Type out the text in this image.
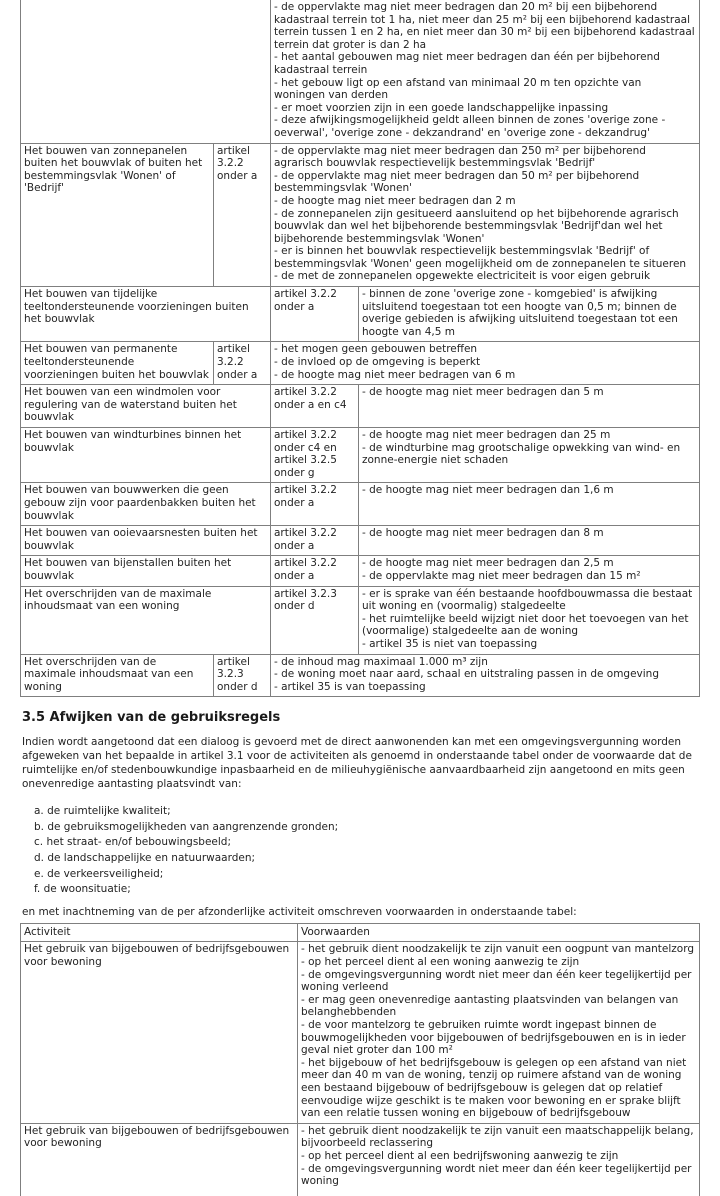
- de oppervlakte mag niet meer bedragen dan 20 m² bij een bijbehorend kadastraal terrein tot 1 ha, niet meer dan 25 m² bij een bijbehorend kadastraal terrein tussen 1 en 2 ha, en niet meer dan 30 m² bij een bijbehorend kadastraal terrein dat groter is dan 2 ha
- het aantal gebouwen mag niet meer bedragen dan één per bijbehorend kadastraal terrein
- het gebouw ligt op een afstand van minimaal 20 m ten opzichte van woningen van derden
- er moet voorzien zijn in een goede landschappelijke inpassing
- deze afwijkingsmogelijkheid geldt alleen binnen de zones 'overige zone - oeverwal', 'overige zone - dekzandrand' en 'overige zone - dekzandrug'
Het bouwen van zonnepanelen buiten het bouwvlak of buiten het bestemmingsvlak 'Wonen' of 'Bedrijf'
artikel 3.2.2 onder a
- de oppervlakte mag niet meer bedragen dan 250 m² per bijbehorend agrarisch bouwvlak respectievelijk bestemmingsvlak 'Bedrijf'
- de oppervlakte mag niet meer bedragen dan 50 m² per bijbehorend bestemmingsvlak 'Wonen'
- de hoogte mag niet meer bedragen dan 2 m
- de zonnepanelen zijn gesitueerd aansluitend op het bijbehorende agrarisch bouwvlak dan wel het bijbehorende bestemmingsvlak 'Bedrijf'dan wel het bijbehorende bestemmingsvlak 'Wonen'
- er is binnen het bouwvlak respectievelijk bestemmingsvlak 'Bedrijf' of bestemmingsvlak 'Wonen' geen mogelijkheid om de zonnepanelen te situeren
- de met de zonnepanelen opgewekte electriciteit is voor eigen gebruik
Het bouwen van tijdelijke teeltondersteunende voorzieningen buiten het bouwvlak
artikel 3.2.2 onder a
- binnen de zone 'overige zone - komgebied' is afwijking uitsluitend toegestaan tot een hoogte van 0,5 m; binnen de overige gebieden is afwijking uitsluitend toegestaan tot een hoogte van 4,5 m
Het bouwen van permanente teeltondersteunende voorzieningen buiten het bouwvlak
artikel 3.2.2 onder a
- het mogen geen gebouwen betreffen
- de invloed op de omgeving is beperkt
- de hoogte mag niet meer bedragen van 6 m
Het bouwen van een windmolen voor regulering van de waterstand buiten het bouwvlak
artikel 3.2.2 onder a en c4
- de hoogte mag niet meer bedragen dan 5 m
Het bouwen van windturbines binnen het bouwvlak
artikel 3.2.2 onder c4 en artikel 3.2.5 onder g
- de hoogte mag niet meer bedragen dan 25 m
- de windturbine mag grootschalige opwekking van wind- en zonne-energie niet schaden
Het bouwen van bouwwerken die geen gebouw zijn voor paardenbakken buiten het bouwvlak
artikel 3.2.2 onder a
- de hoogte mag niet meer bedragen dan 1,6 m
Het bouwen van ooievaarsnesten buiten het bouwvlak
artikel 3.2.2 onder a
- de hoogte mag niet meer bedragen dan 8 m
Het bouwen van bijenstallen buiten het bouwvlak
artikel 3.2.2 onder a
- de hoogte mag niet meer bedragen dan 2,5 m
- de oppervlakte mag niet meer bedragen dan 15 m²
Het overschrijden van de maximale inhoudsmaat van een woning
artikel 3.2.3 onder d
- er is sprake van één bestaande hoofdbouwmassa die bestaat uit woning en (voormalig) stalgedeelte
- het ruimtelijke beeld wijzigt niet door het toevoegen van het (voormalige) stalgedeelte aan de woning
- artikel 35 is niet van toepassing
Het overschrijden van de maximale inhoudsmaat van een woning
artikel 3.2.3 onder d
- de inhoud mag maximaal 1.000 m³ zijn
- de woning moet naar aard, schaal en uitstraling passen in de omgeving
- artikel 35 is van toepassing
3.5 Afwijken van de gebruiksregels
Indien wordt aangetoond dat een dialoog is gevoerd met de direct aanwonenden kan met een omgevingsvergunning worden afgeweken van het bepaalde in artikel 3.1 voor de activiteiten als genoemd in onderstaande tabel onder de voorwaarde dat de ruimtelijke en/of stedenbouwkundige inpasbaarheid en de milieuhygiënische aanvaardbaarheid zijn aangetoond en mits geen onevenredige aantasting plaatsvindt van:
a. de ruimtelijke kwaliteit;
b. de gebruiksmogelijkheden van aangrenzende gronden;
c. het straat- en/of bebouwingsbeeld;
d. de landschappelijke en natuurwaarden;
e. de verkeersveiligheid;
f. de woonsituatie;
en met inachtneming van de per afzonderlijke activiteit omschreven voorwaarden in onderstaande tabel:
Activiteit	Voorwaarden
Het gebruik van bijgebouwen of bedrijfsgebouwen voor bewoning
- het gebruik dient noodzakelijk te zijn vanuit een oogpunt van mantelzorg
- op het perceel dient al een woning aanwezig te zijn
- de omgevingsvergunning wordt niet meer dan één keer tegelijkertijd per woning verleend
- er mag geen onevenredige aantasting plaatsvinden van belangen van belanghebbenden
- de voor mantelzorg te gebruiken ruimte wordt ingepast binnen de bouwmogelijkheden voor bijgebouwen of bedrijfsgebouwen en is in ieder geval niet groter dan 100 m²
- het bijgebouw of het bedrijfsgebouw is gelegen op een afstand van niet meer dan 40 m van de woning, tenzij op ruimere afstand van de woning een bestaand bijgebouw of bedrijfsgebouw is gelegen dat op relatief eenvoudige wijze geschikt is te maken voor bewoning en er sprake blijft van een relatie tussen woning en bijgebouw of bedrijfsgebouw
Het gebruik van bijgebouwen of bedrijfsgebouwen voor bewoning
- het gebruik dient noodzakelijk te zijn vanuit een maatschappelijk belang, bijvoorbeeld reclassering
- op het perceel dient al een bedrijfswoning aanwezig te zijn
- de omgevingsvergunning wordt niet meer dan één keer tegelijkertijd per woning
